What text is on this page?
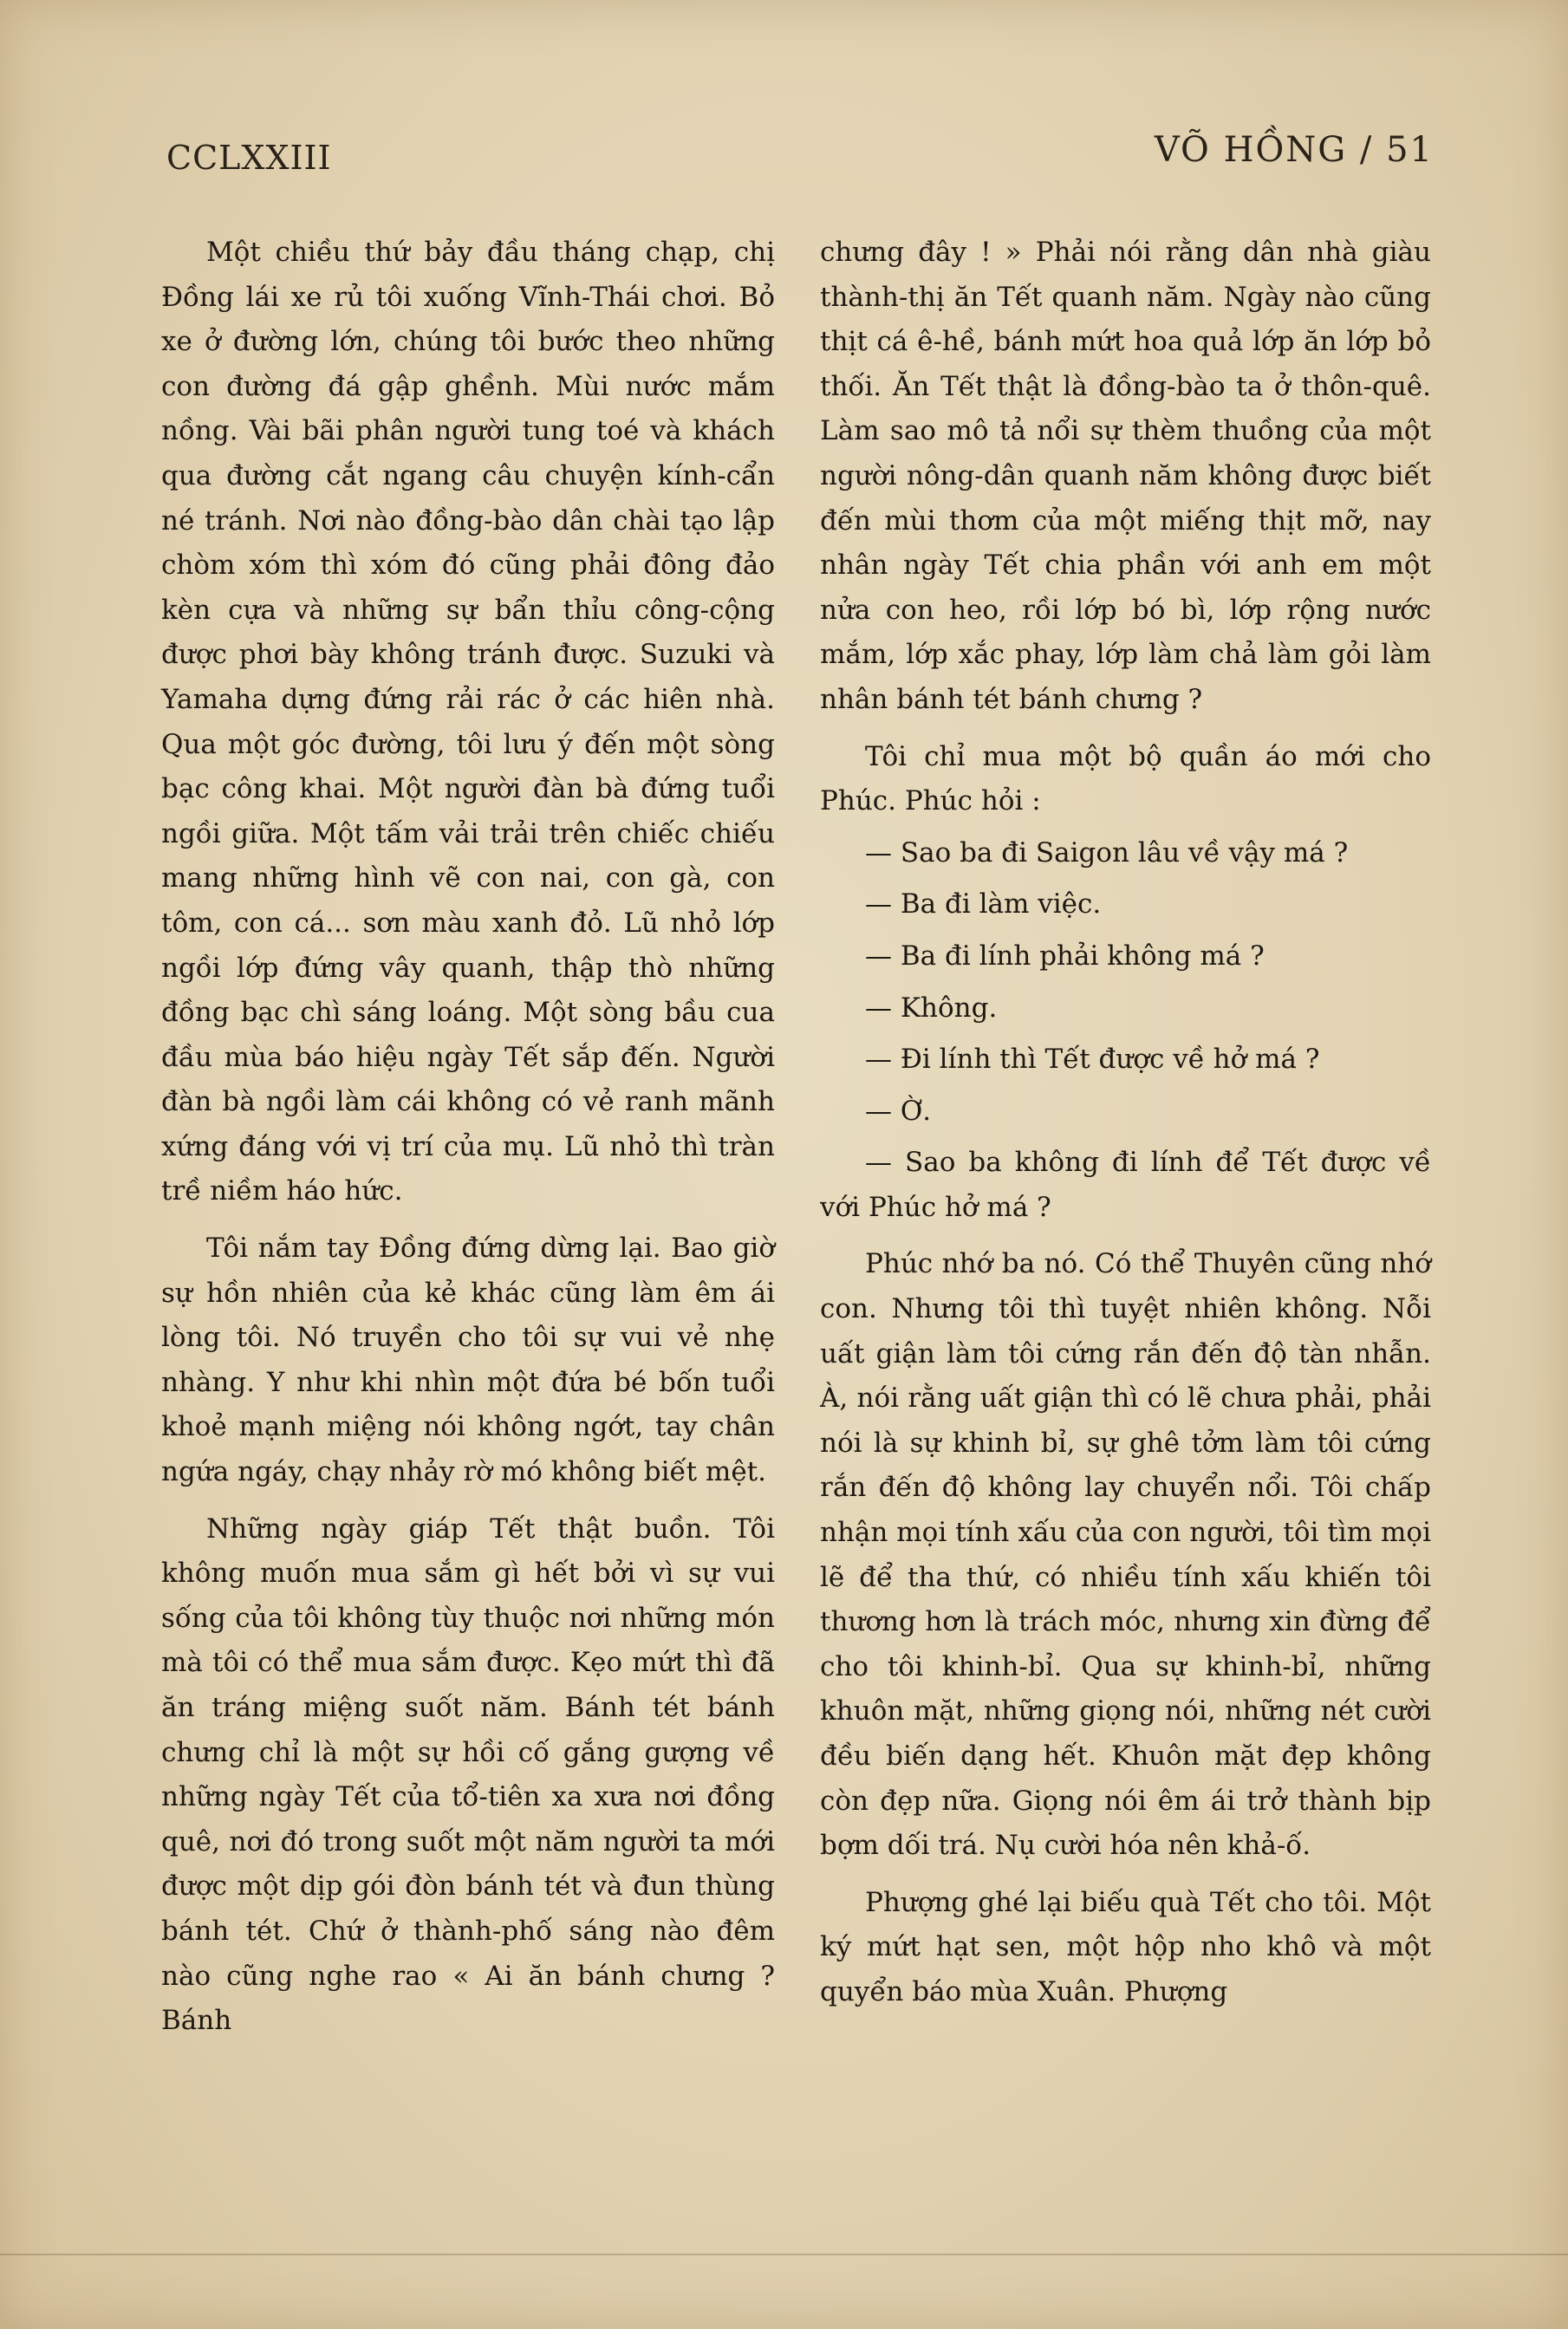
CCLXXIII	VÕ HỒNG / 51

Một chiều thứ bảy đầu tháng chạp, chị Đồng lái xe rủ tôi xuống Vĩnh-Thái chơi. Bỏ xe ở đường lớn, chúng tôi bước theo những con đường đá gập ghềnh. Mùi nước mắm nồng. Vài bãi phân người tung toé và khách qua đường cắt ngang câu chuyện kính-cẩn né tránh. Nơi nào đồng-bào dân chài tạo lập chòm xóm thì xóm đó cũng phải đông đảo kèn cựa và những sự bẩn thỉu công-cộng được phơi bày không tránh được. Suzuki và Yamaha dựng đứng rải rác ở các hiên nhà. Qua một góc đường, tôi lưu ý đến một sòng bạc công khai. Một người đàn bà đứng tuổi ngồi giữa. Một tấm vải trải trên chiếc chiếu mang những hình vẽ con nai, con gà, con tôm, con cá... sơn màu xanh đỏ. Lũ nhỏ lớp ngồi lớp đứng vây quanh, thập thò những đồng bạc chì sáng loáng. Một sòng bầu cua đầu mùa báo hiệu ngày Tết sắp đến. Người đàn bà ngồi làm cái không có vẻ ranh mãnh xứng đáng với vị trí của mụ. Lũ nhỏ thì tràn trề niềm háo hức.

Tôi nắm tay Đồng đứng dừng lại. Bao giờ sự hồn nhiên của kẻ khác cũng làm êm ái lòng tôi. Nó truyền cho tôi sự vui vẻ nhẹ nhàng. Y như khi nhìn một đứa bé bốn tuổi khoẻ mạnh miệng nói không ngớt, tay chân ngứa ngáy, chạy nhảy rờ mó không biết mệt.

Những ngày giáp Tết thật buồn. Tôi không muốn mua sắm gì hết bởi vì sự vui sống của tôi không tùy thuộc nơi những món mà tôi có thể mua sắm được. Kẹo mứt thì đã ăn tráng miệng suốt năm. Bánh tét bánh chưng chỉ là một sự hồi cố gắng gượng về những ngày Tết của tổ-tiên xa xưa nơi đồng quê, nơi đó trong suốt một năm người ta mới được một dịp gói đòn bánh tét và đun thùng bánh tét. Chứ ở thành-phố sáng nào đêm nào cũng nghe rao « Ai ăn bánh chưng ? Bánh

chưng đây ! » Phải nói rằng dân nhà giàu thành-thị ăn Tết quanh năm. Ngày nào cũng thịt cá ê-hề, bánh mứt hoa quả lớp ăn lớp bỏ thối. Ăn Tết thật là đồng-bào ta ở thôn-quê. Làm sao mô tả nổi sự thèm thuồng của một người nông-dân quanh năm không được biết đến mùi thơm của một miếng thịt mỡ, nay nhân ngày Tết chia phần với anh em một nửa con heo, rồi lớp bó bì, lớp rộng nước mắm, lớp xắc phay, lớp làm chả làm gỏi làm nhân bánh tét bánh chưng ?

Tôi chỉ mua một bộ quần áo mới cho Phúc. Phúc hỏi :

— Sao ba đi Saigon lâu về vậy má ?

— Ba đi làm việc.

— Ba đi lính phải không má ?

— Không.

— Đi lính thì Tết được về hở má ?

— Ờ.

— Sao ba không đi lính để Tết được về với Phúc hở má ?

Phúc nhớ ba nó. Có thể Thuyên cũng nhớ con. Nhưng tôi thì tuyệt nhiên không. Nỗi uất giận làm tôi cứng rắn đến độ tàn nhẫn. À, nói rằng uất giận thì có lẽ chưa phải, phải nói là sự khinh bỉ, sự ghê tởm làm tôi cứng rắn đến độ không lay chuyển nổi. Tôi chấp nhận mọi tính xấu của con người, tôi tìm mọi lẽ để tha thứ, có nhiều tính xấu khiến tôi thương hơn là trách móc, nhưng xin đừng để cho tôi khinh-bỉ. Qua sự khinh-bỉ, những khuôn mặt, những giọng nói, những nét cười đều biến dạng hết. Khuôn mặt đẹp không còn đẹp nữa. Giọng nói êm ái trở thành bịp bợm dối trá. Nụ cười hóa nên khả-ố.

Phượng ghé lại biếu quà Tết cho tôi. Một ký mứt hạt sen, một hộp nho khô và một quyển báo mùa Xuân. Phượng
